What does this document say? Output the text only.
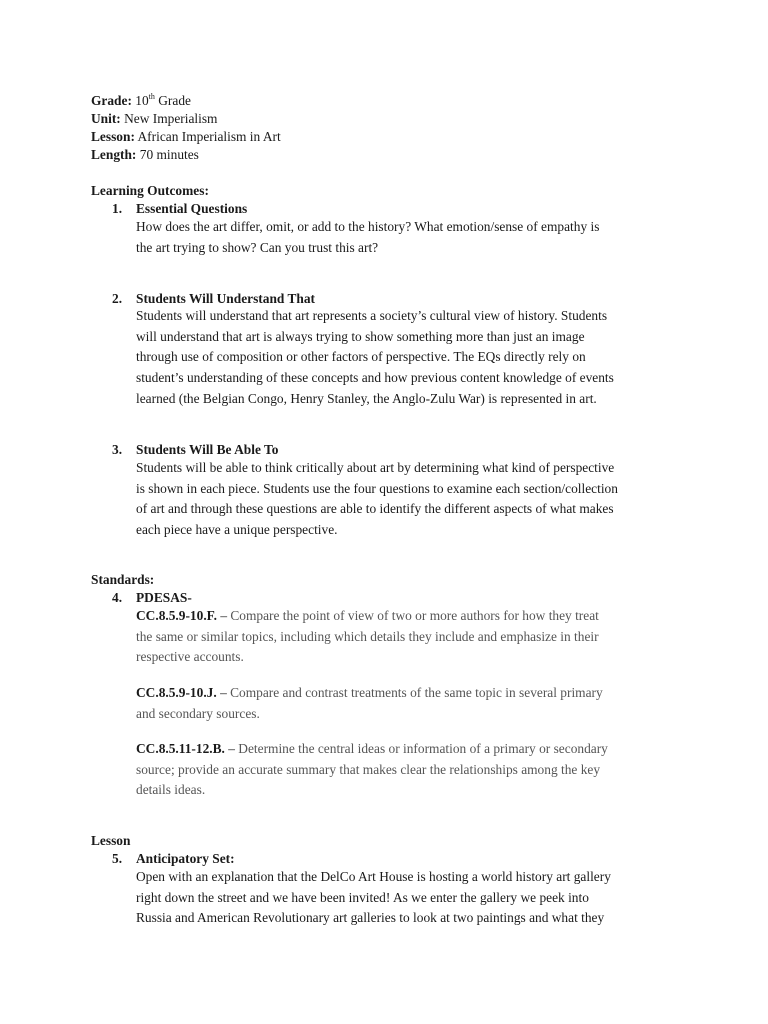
Grade: 10th Grade
Unit: New Imperialism
Lesson: African Imperialism in Art
Length: 70 minutes
Learning Outcomes:
1. Essential Questions
How does the art differ, omit, or add to the history? What emotion/sense of empathy is
the art trying to show? Can you trust this art?
2. Students Will Understand That
Students will understand that art represents a society’s cultural view of history. Students
will understand that art is always trying to show something more than just an image
through use of composition or other factors of perspective. The EQs directly rely on
student’s understanding of these concepts and how previous content knowledge of events
learned (the Belgian Congo, Henry Stanley, the Anglo-Zulu War) is represented in art.
3. Students Will Be Able To
Students will be able to think critically about art by determining what kind of perspective
is shown in each piece. Students use the four questions to examine each section/collection
of art and through these questions are able to identify the different aspects of what makes
each piece have a unique perspective.
Standards:
4. PDESAS-
CC.8.5.9-10.F. – Compare the point of view of two or more authors for how they treat
the same or similar topics, including which details they include and emphasize in their
respective accounts.
CC.8.5.9-10.J. – Compare and contrast treatments of the same topic in several primary
and secondary sources.
CC.8.5.11-12.B. – Determine the central ideas or information of a primary or secondary
source; provide an accurate summary that makes clear the relationships among the key
details ideas.
Lesson
5. Anticipatory Set:
Open with an explanation that the DelCo Art House is hosting a world history art gallery
right down the street and we have been invited! As we enter the gallery we peek into
Russia and American Revolutionary art galleries to look at two paintings and what they
